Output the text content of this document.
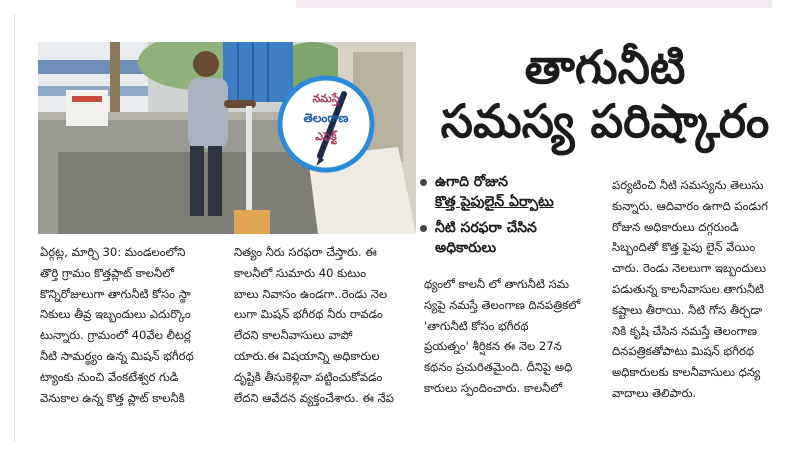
నమస్తే
తెలంగాణ
ఎఫెక్ట్
తాగునీటి
సమస్య పరిష్కారం
ఉగాది రోజున
కొత్త పైపులైన్ ఏర్పాటు
నీటి సరఫరా చేసిన
అధికారులు
ఏర్గట్ల, మార్చి 30: మండలంలోని
తొర్తి గ్రామం కొత్తప్లాట్ కాలనీలో
కొన్నిరోజులుగా తాగునీటి కోసం స్థా
నికులు తీవ్ర ఇబ్బందులు ఎదుర్కొం
టున్నారు. గ్రామంలో 40వేల లీటర్ల
నీటి సామర్థ్యం ఉన్న మిషన్ భగీరథ
ట్యాంకు నుంచి వేంకటేశ్వర గుడి
వెనుకాల ఉన్న కొత్త ప్లాట్ కాలనీకి
నిత్యం నీరు సరఫరా చేస్తారు. ఈ
కాలనీలో సుమారు 40 కుటుం
బాలు నివాసం ఉండగా..రెండు నెల
లుగా మిషన్ భగీరథ నీరు రావడం
లేదని కాలనీవాసులు వాపో
యారు.ఈ విషయాన్ని అధికారుల
దృష్టికి తీసుకెళ్లినా పట్టించుకోవడం
లేదని ఆవేదన వ్యక్తంచేశారు. ఈ నేప
థ్యంలో కాలనీ లో తాగునీటి సమ
స్యపై నమస్తే తెలంగాణ దినపత్రికలో
'తాగునీటి కోసం భగీరథ
ప్రయత్నం' శీర్షికన ఈ నెల 27న
కథనం ప్రచురితమైంది. దీనిపై అధి
కారులు స్పందించారు. కాలనీలో
పర్యటించి నీటి సమస్యను తెలుసు
కున్నారు. ఆదివారం ఉగాది పండుగ
రోజున అధికారులు దగ్గరుండి
సిబ్బందితో కొత్త పైపు లైన్ వేయిం
చారు. రెండు నెలలుగా ఇబ్బందులు
పడుతున్న కాలనీవాసుల తాగునీటి
కష్టాలు తీరాయి. నీటి గోస తీర్చడా
నికి కృషి చేసిన నమస్తే తెలంగాణ
దినపత్రికతోపాటు మిషన్ భగీరథ
అధికారులకు కాలనీవాసులు ధన్య
వాదాలు తెలిపారు.
